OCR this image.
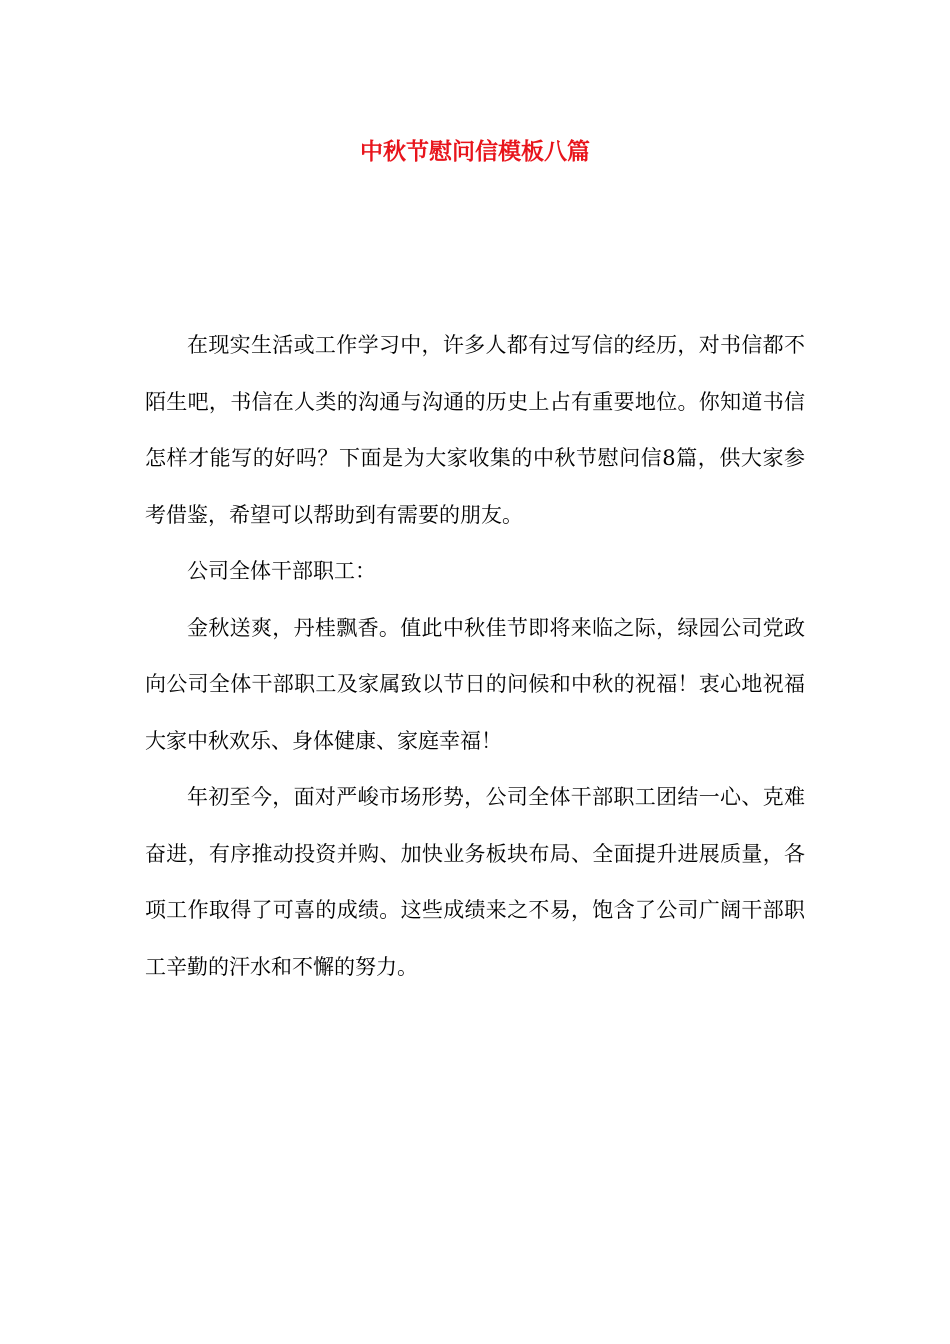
中秋节慰问信模板八篇

在现实生活或工作学习中，许多人都有过写信的经历，对书信都不陌生吧，书信在人类的沟通与沟通的历史上占有重要地位。你知道书信怎样才能写的好吗？下面是为大家收集的中秋节慰问信8篇，供大家参考借鉴，希望可以帮助到有需要的朋友。

公司全体干部职工：

金秋送爽，丹桂飘香。值此中秋佳节即将来临之际，绿园公司党政向公司全体干部职工及家属致以节日的问候和中秋的祝福！衷心地祝福大家中秋欢乐、身体健康、家庭幸福！

年初至今，面对严峻市场形势，公司全体干部职工团结一心、克难奋进，有序推动投资并购、加快业务板块布局、全面提升进展质量，各项工作取得了可喜的成绩。这些成绩来之不易，饱含了公司广阔干部职工辛勤的汗水和不懈的努力。
